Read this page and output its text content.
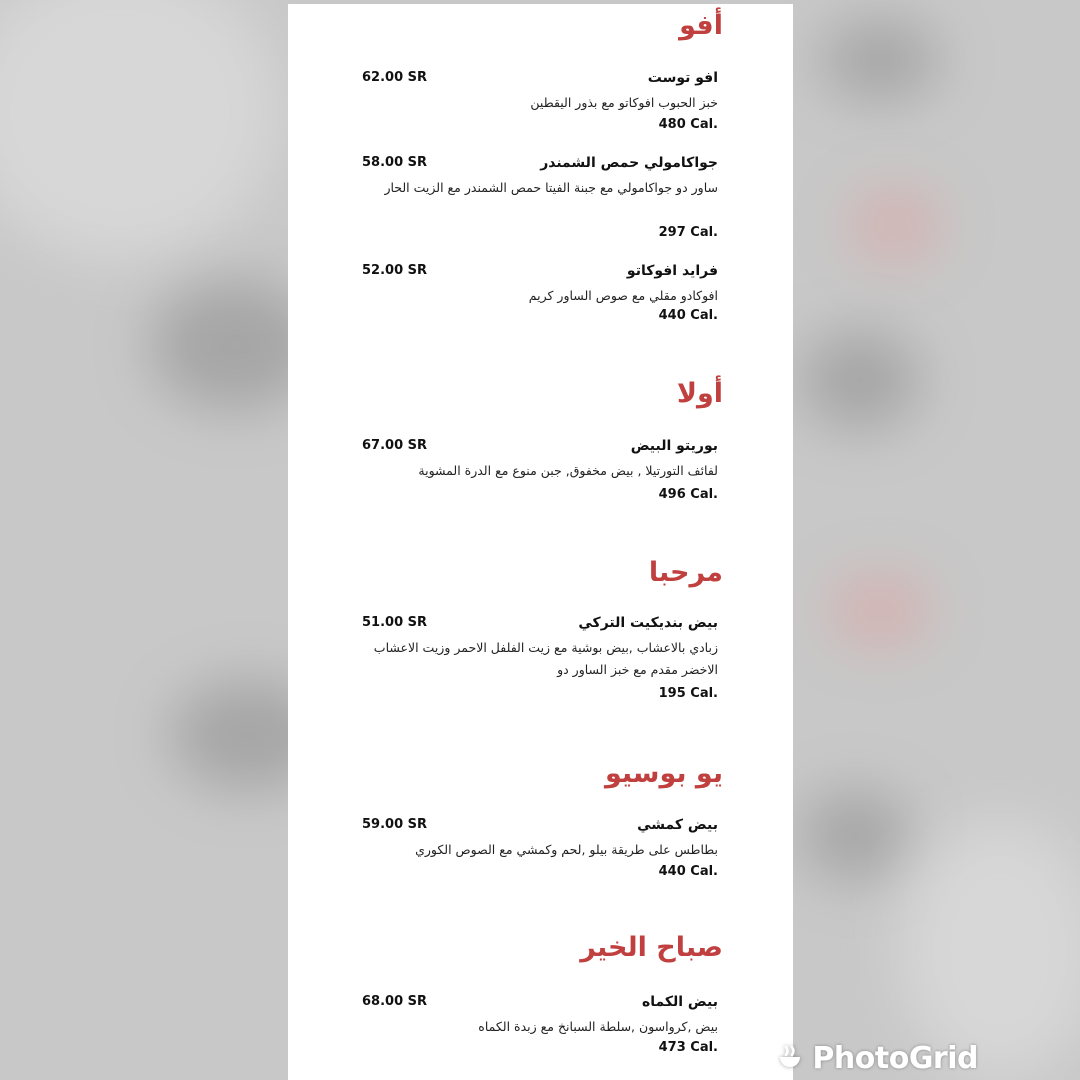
أفو
افو توست
62.00 SR
خبز الحبوب افوكاتو مع بذور اليقطين
480 Cal.
جواكامولي حمص الشمندر
58.00 SR
ساور دو جواكامولي مع جبنة الفيتا حمص الشمندر مع الزيت الحار
297 Cal.
فرايد افوكاتو
52.00 SR
افوكادو مقلي مع صوص الساور كريم
440 Cal.
أولا
بوريتو البيض
67.00 SR
لفائف التورتيلا , بيض مخفوق, جبن منوع مع الدرة المشوية
496 Cal.
مرحبا
بيض بنديكيت التركي
51.00 SR
زبادي بالاعشاب ,بيض بوشية مع زيت الفلفل الاحمر وزيت الاعشاب الاخضر مقدم مع خبز الساور دو
195 Cal.
يو بوسيو
بيض كمشي
59.00 SR
بطاطس على طريقة بيلو ,لحم وكمشي مع الصوص الكوري
440 Cal.
صباح الخير
بيض الكماه
68.00 SR
بيض ,كرواسون ,سلطة السبانخ مع زبدة الكماه
473 Cal.	PhotoGrid
